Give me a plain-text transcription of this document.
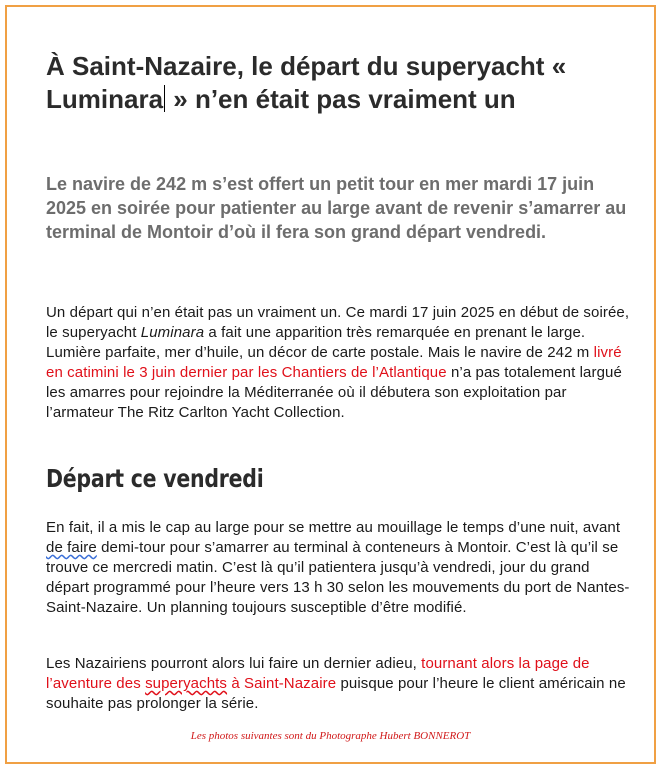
À Saint-Nazaire, le départ du superyacht « Luminara » n’en était pas vraiment un

Le navire de 242 m s’est offert un petit tour en mer mardi 17 juin 2025 en soirée pour patienter au large avant de revenir s’amarrer au terminal de Montoir d’où il fera son grand départ vendredi.

Un départ qui n’en était pas un vraiment un. Ce mardi 17 juin 2025 en début de soirée, le superyacht Luminara a fait une apparition très remarquée en prenant le large. Lumière parfaite, mer d’huile, un décor de carte postale. Mais le navire de 242 m livré en catimini le 3 juin dernier par les Chantiers de l’Atlantique n’a pas totalement largué les amarres pour rejoindre la Méditerranée où il débutera son exploitation par l’armateur The Ritz Carlton Yacht Collection.

Départ ce vendredi

En fait, il a mis le cap au large pour se mettre au mouillage le temps d’une nuit, avant de faire demi-tour pour s’amarrer au terminal à conteneurs à Montoir. C’est là qu’il se trouve ce mercredi matin. C’est là qu’il patientera jusqu’à vendredi, jour du grand départ programmé pour l’heure vers 13 h 30 selon les mouvements du port de Nantes-Saint-Nazaire. Un planning toujours susceptible d’être modifié.

Les Nazairiens pourront alors lui faire un dernier adieu, tournant alors la page de l’aventure des superyachts à Saint-Nazaire puisque pour l’heure le client américain ne souhaite pas prolonger la série.

Les photos suivantes sont du Photographe Hubert BONNEROT
